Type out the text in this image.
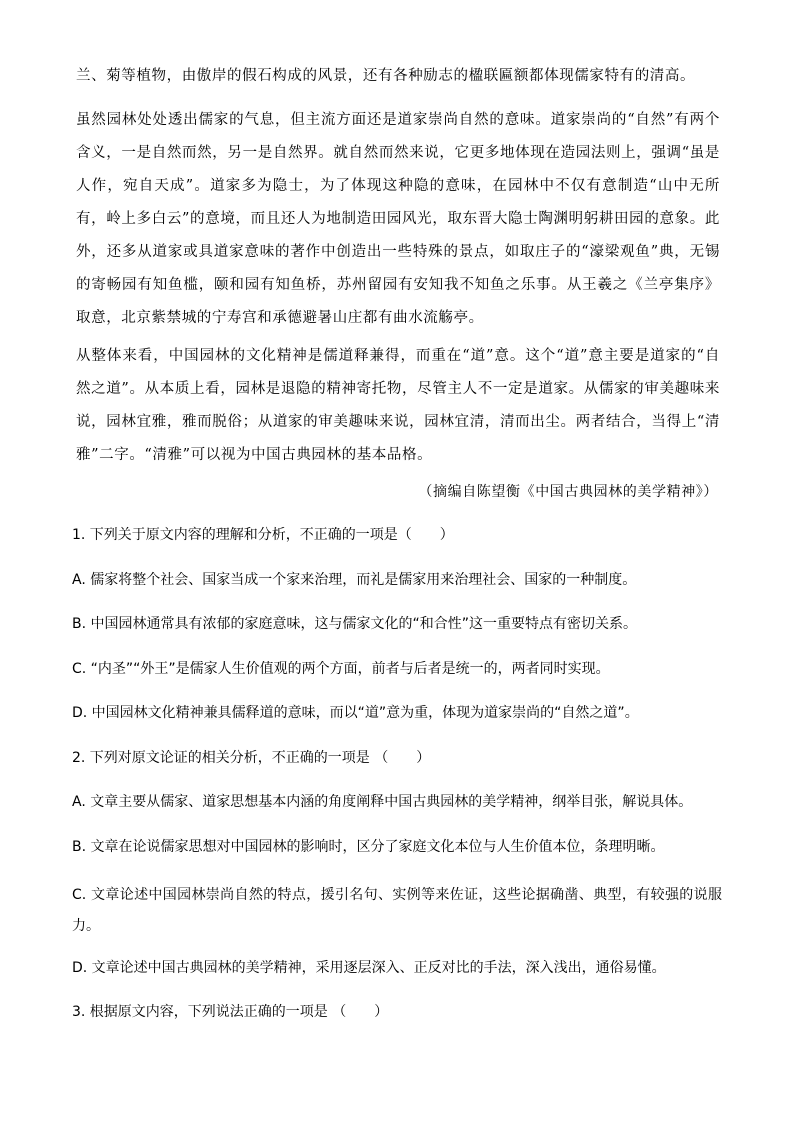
兰、菊等植物，由傲岸的假石构成的风景，还有各种励志的楹联匾额都体现儒家特有的清高。

虽然园林处处透出儒家的气息，但主流方面还是道家崇尚自然的意味。道家崇尚的“自然”有两个含义，一是自然而然，另一是自然界。就自然而然来说，它更多地体现在造园法则上，强调“虽是人作，宛自天成”。道家多为隐士，为了体现这种隐的意味，在园林中不仅有意制造“山中无所有，岭上多白云”的意境，而且还人为地制造田园风光，取东晋大隐士陶渊明躬耕田园的意象。此外，还多从道家或具道家意味的著作中创造出一些特殊的景点，如取庄子的“濠梁观鱼”典，无锡的寄畅园有知鱼槛，颐和园有知鱼桥，苏州留园有安知我不知鱼之乐事。从王羲之《兰亭集序》取意，北京紫禁城的宁寿宫和承德避暑山庄都有曲水流觞亭。

从整体来看，中国园林的文化精神是儒道释兼得，而重在“道”意。这个“道”意主要是道家的“自然之道”。从本质上看，园林是退隐的精神寄托物，尽管主人不一定是道家。从儒家的审美趣味来说，园林宜雅，雅而脱俗；从道家的审美趣味来说，园林宜清，清而出尘。两者结合，当得上“清雅”二字。“清雅”可以视为中国古典园林的基本品格。

（摘编自陈望衡《中国古典园林的美学精神》）

1. 下列关于原文内容的理解和分析，不正确的一项是（　　）

A. 儒家将整个社会、国家当成一个家来治理，而礼是儒家用来治理社会、国家的一种制度。

B. 中国园林通常具有浓郁的家庭意味，这与儒家文化的“和合性”这一重要特点有密切关系。

C. “内圣”“外王”是儒家人生价值观的两个方面，前者与后者是统一的，两者同时实现。

D. 中国园林文化精神兼具儒释道的意味，而以“道”意为重，体现为道家崇尚的“自然之道”。

2. 下列对原文论证的相关分析，不正确的一项是 （　　）

A. 文章主要从儒家、道家思想基本内涵的角度阐释中国古典园林的美学精神，纲举目张，解说具体。

B. 文章在论说儒家思想对中国园林的影响时，区分了家庭文化本位与人生价值本位，条理明晰。

C. 文章论述中国园林崇尚自然的特点，援引名句、实例等来佐证，这些论据确凿、典型，有较强的说服力。

D. 文章论述中国古典园林的美学精神，采用逐层深入、正反对比的手法，深入浅出，通俗易懂。

3. 根据原文内容，下列说法正确的一项是 （　　）
